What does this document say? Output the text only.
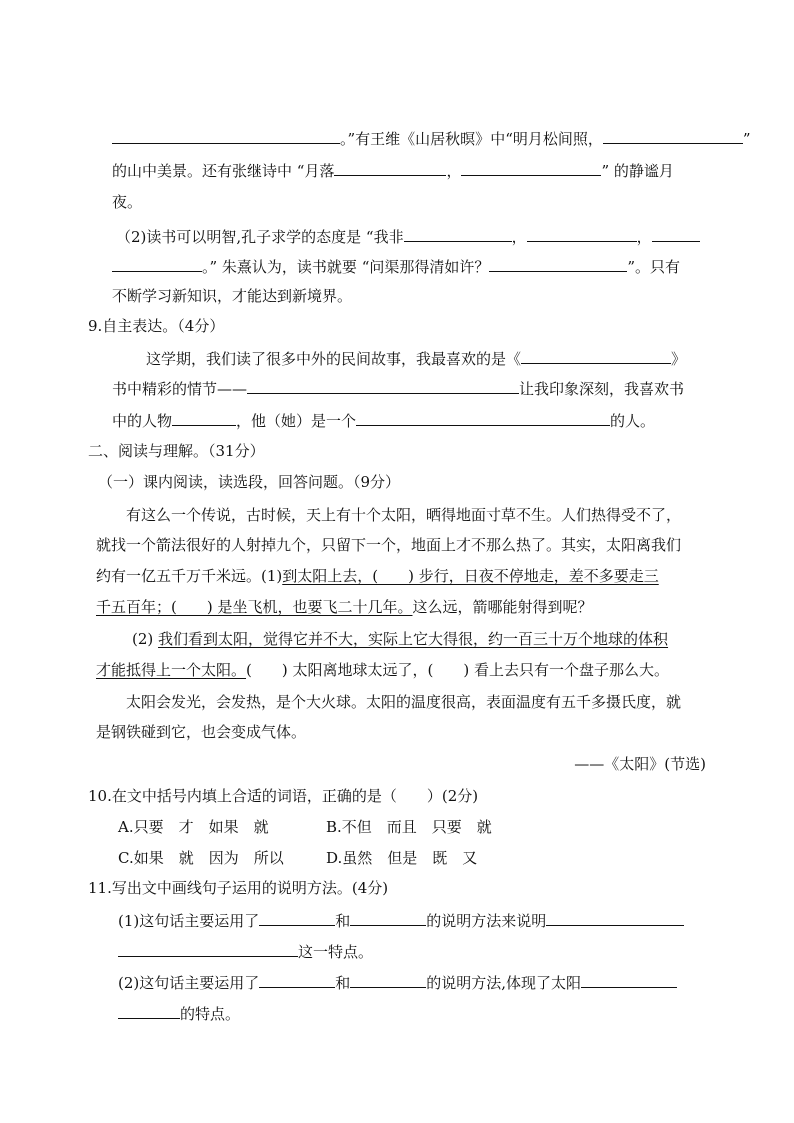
。”有王维《山居秋暝》中“明月松间照，	”
的山中美景。还有张继诗中 “月落	，	” 的静谧月
夜。
（2)读书可以明智,孔子求学的态度是 “我非	，	，
。” 朱熹认为，读书就要 “问渠那得清如许？	”。只有
不断学习新知识，才能达到新境界。
9.自主表达。（4分）
这学期，我们读了很多中外的民间故事，我最喜欢的是《	》
书中精彩的情节——	让我印象深刻，我喜欢书
中的人物	，他（她）是一个	的人。
二、阅读与理解。（31分）
（一）课内阅读，读选段，回答问题。（9分）
有这么一个传说，古时候，天上有十个太阳，晒得地面寸草不生。人们热得受不了，
就找一个箭法很好的人射掉九个，只留下一个，地面上才不那么热了。其实，太阳离我们
约有一亿五千万千米远。(1)到太阳上去，(　　) 步行，日夜不停地走，差不多要走三
千五百年；(　　) 是坐飞机，也要飞二十几年。这么远，箭哪能射得到呢？
(2) 我们看到太阳，觉得它并不大，实际上它大得很，约一百三十万个地球的体积
才能抵得上一个太阳。(　　) 太阳离地球太远了，(　　) 看上去只有一个盘子那么大。
太阳会发光，会发热，是个大火球。太阳的温度很高，表面温度有五千多摄氏度，就
是钢铁碰到它，也会变成气体。
——《太阳》(节选)
10.在文中括号内填上合适的词语，正确的是（　　）(2分)
A.只要　才　如果　就	B.不但　而且　只要　就
C.如果　就　因为　所以	D.虽然　但是　既　又
11.写出文中画线句子运用的说明方法。(4分)
(1)这句话主要运用了	和	的说明方法来说明
这一特点。
(2)这句话主要运用了	和	的说明方法,体现了太阳
的特点。
